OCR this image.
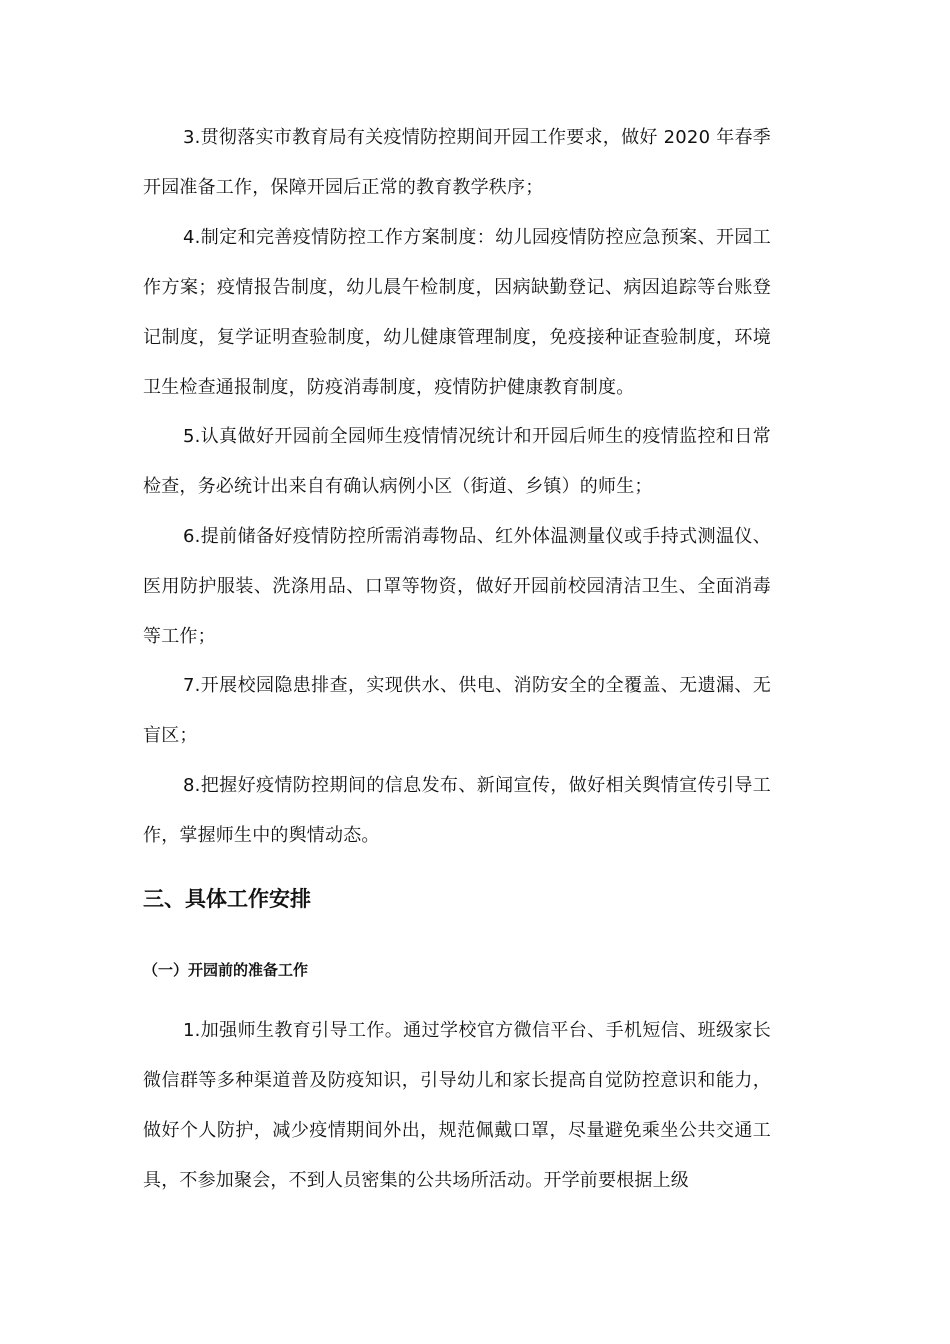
3.贯彻落实市教育局有关疫情防控期间开园工作要求，做好 2020 年春季开园准备工作，保障开园后正常的教育教学秩序；

4.制定和完善疫情防控工作方案制度：幼儿园疫情防控应急预案、开园工作方案；疫情报告制度，幼儿晨午检制度，因病缺勤登记、病因追踪等台账登记制度，复学证明查验制度，幼儿健康管理制度，免疫接种证查验制度，环境卫生检查通报制度，防疫消毒制度，疫情防护健康教育制度。

5.认真做好开园前全园师生疫情情况统计和开园后师生的疫情监控和日常检查，务必统计出来自有确认病例小区（街道、乡镇）的师生；

6.提前储备好疫情防控所需消毒物品、红外体温测量仪或手持式测温仪、医用防护服装、洗涤用品、口罩等物资，做好开园前校园清洁卫生、全面消毒等工作；

7.开展校园隐患排查，实现供水、供电、消防安全的全覆盖、无遗漏、无盲区；

8.把握好疫情防控期间的信息发布、新闻宣传，做好相关舆情宣传引导工作，掌握师生中的舆情动态。

三、具体工作安排
（一）开园前的准备工作

1.加强师生教育引导工作。通过学校官方微信平台、手机短信、班级家长微信群等多种渠道普及防疫知识，引导幼儿和家长提高自觉防控意识和能力，做好个人防护，减少疫情期间外出，规范佩戴口罩，尽量避免乘坐公共交通工具，不参加聚会，不到人员密集的公共场所活动。开学前要根据上级
